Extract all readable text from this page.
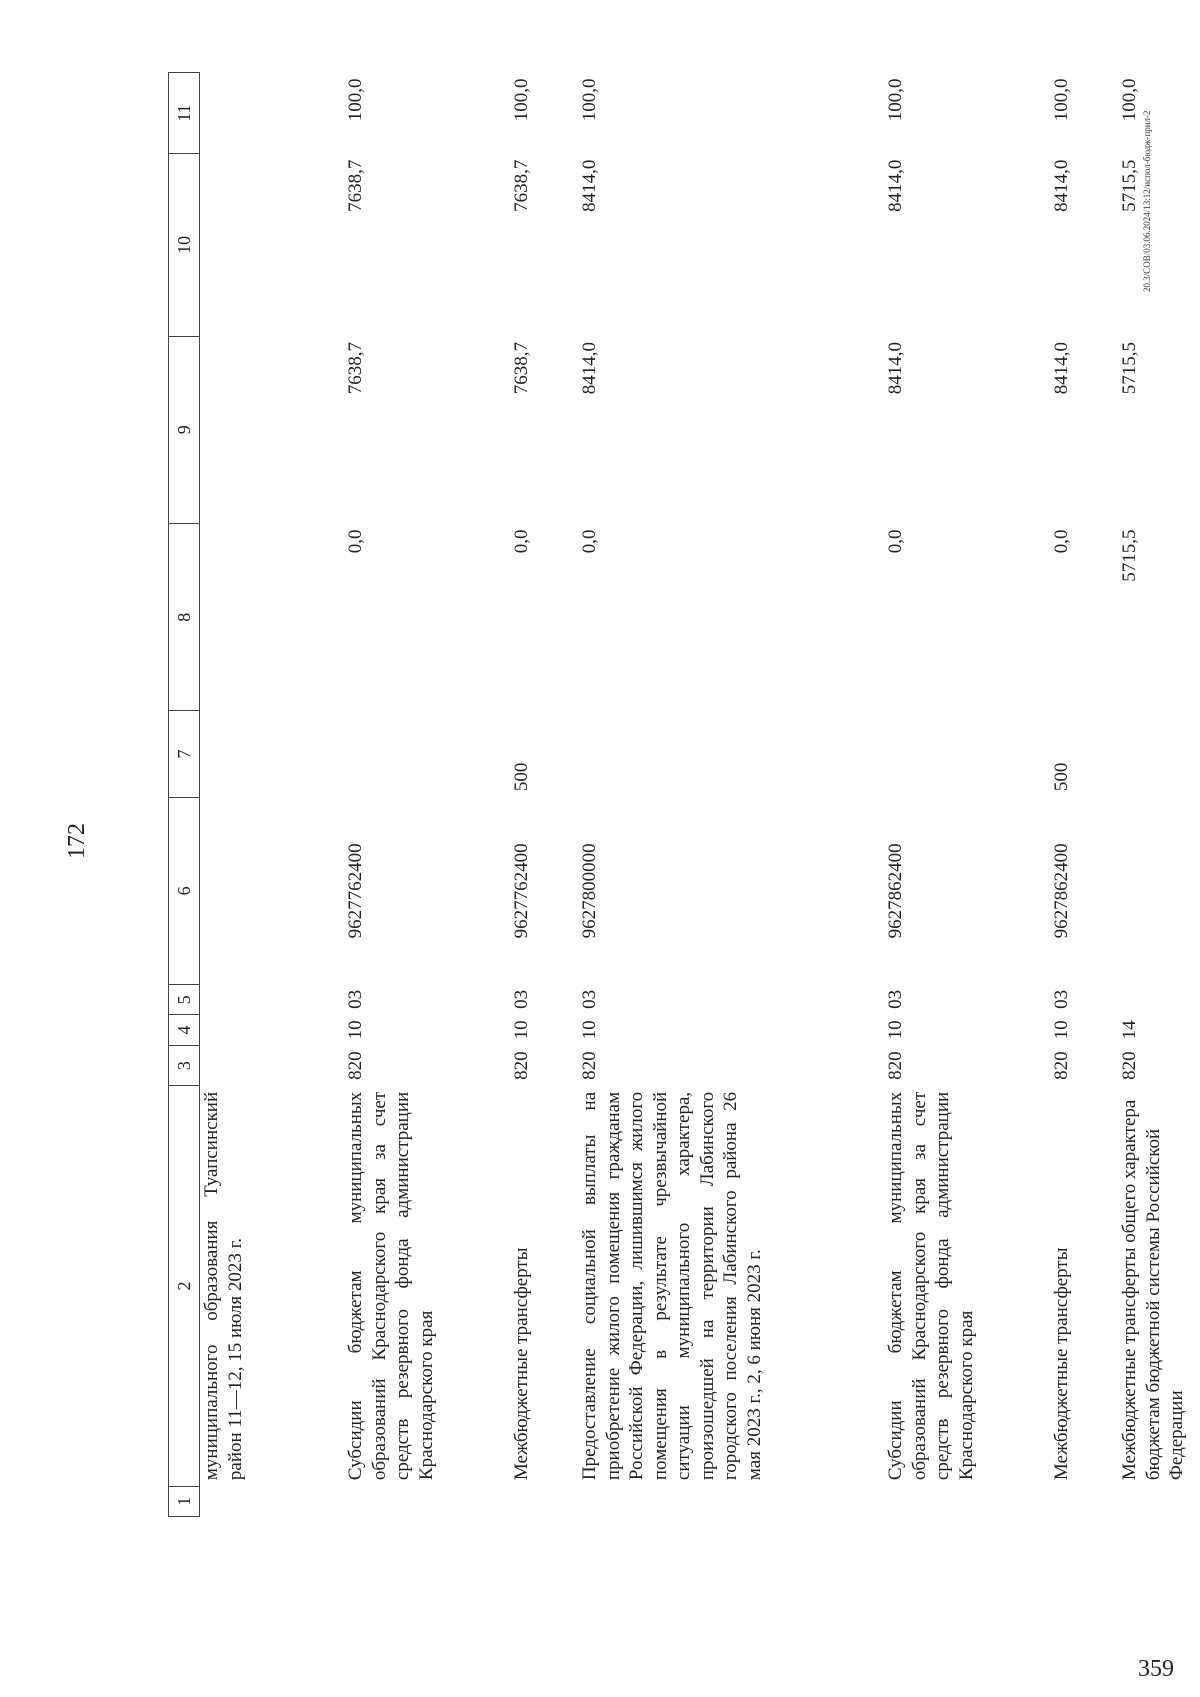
172
1	2	3	4	5	6	7	8	9	10	11
	муниципального образования Туапсинский район 11—12, 15 июля 2023 г.									
	Субсидии бюджетам муниципальных образований Краснодарского края за счет средств резервного фонда администрации Краснодарского края	820	10	03	9627762400		0,0	7638,7	7638,7	100,0
	Межбюджетные трансферты	820	10	03	9627762400	500	0,0	7638,7	7638,7	100,0
	Предоставление социальной выплаты на приобретение жилого помещения гражданам Российской Федерации, лишившимся жилого помещения в результате чрезвычайной ситуации муниципального характера, произошедшей на территории Лабинского городского поселения Лабинского района 26 мая 2023 г., 2, 6 июня 2023 г.	820	10	03	9627800000		0,0	8414,0	8414,0	100,0
	Субсидии бюджетам муниципальных образований Краснодарского края за счет средств резервного фонда администрации Краснодарского края	820	10	03	9627862400		0,0	8414,0	8414,0	100,0
	Межбюджетные трансферты	820	10	03	9627862400	500	0,0	8414,0	8414,0	100,0
	Межбюджетные трансферты общего характера бюджетам бюджетной системы Российской Федерации	820	14				5715,5	5715,5	5715,5	100,0
20.3/СОВ/03.06.2024/13:12/испол-бюдж-прил-2
359
